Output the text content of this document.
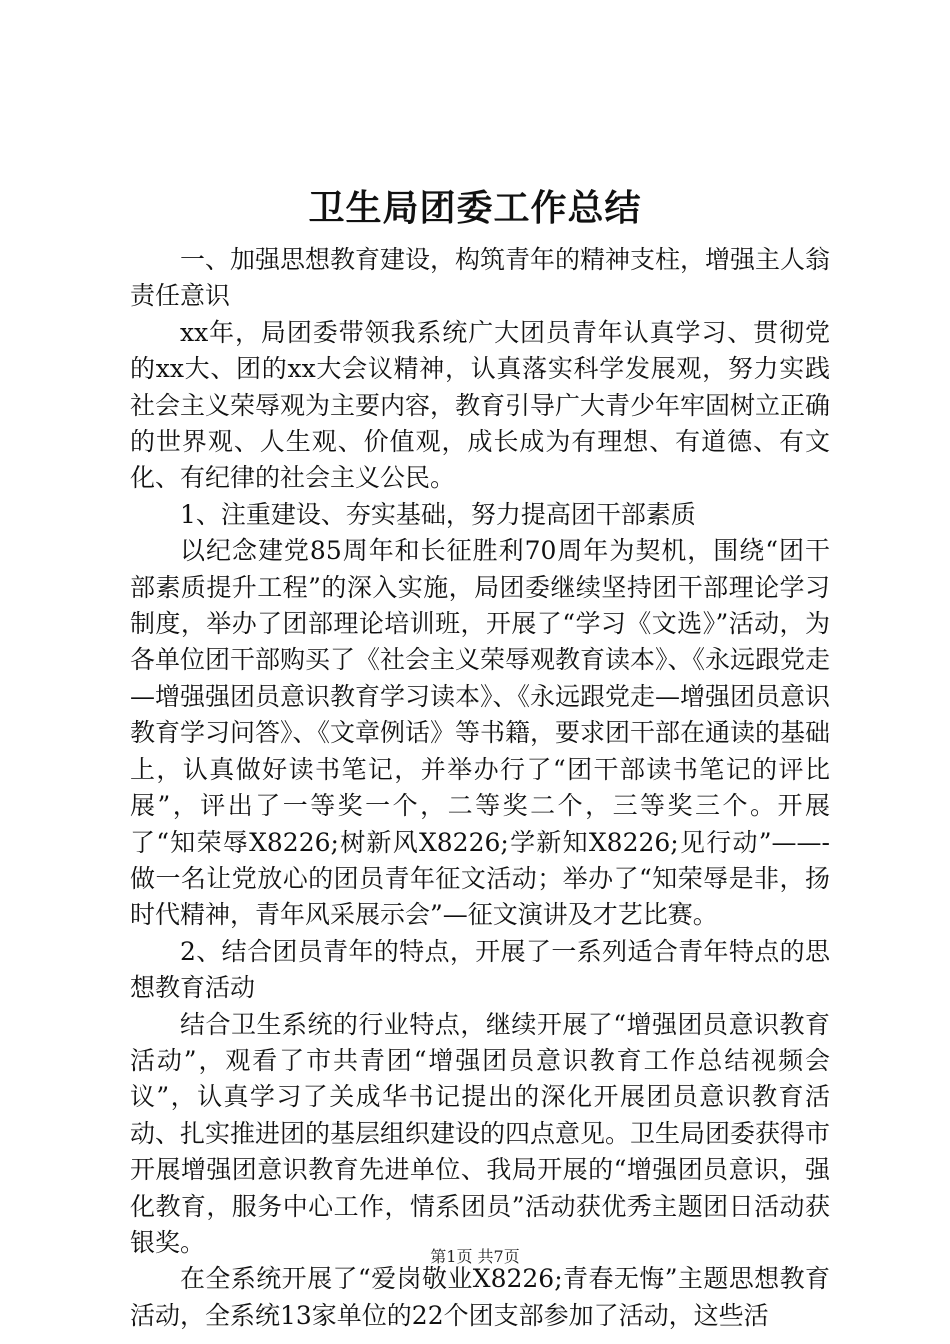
卫生局团委工作总结

一、加强思想教育建设，构筑青年的精神支柱，增强主人翁责任意识

xx年，局团委带领我系统广大团员青年认真学习、贯彻党的xx大、团的xx大会议精神，认真落实科学发展观，努力实践社会主义荣辱观为主要内容，教育引导广大青少年牢固树立正确的世界观、人生观、价值观，成长成为有理想、有道德、有文化、有纪律的社会主义公民。

1、注重建设、夯实基础，努力提高团干部素质

以纪念建党85周年和长征胜利70周年为契机，围绕“团干部素质提升工程”的深入实施，局团委继续坚持团干部理论学习制度，举办了团部理论培训班，开展了“学习《文选》”活动，为各单位团干部购买了《社会主义荣辱观教育读本》、《永远跟党走—增强强团员意识教育学习读本》、《永远跟党走—增强团员意识教育学习问答》、《文章例话》等书籍，要求团干部在通读的基础上，认真做好读书笔记，并举办行了“团干部读书笔记的评比展”，评出了一等奖一个，二等奖二个，三等奖三个。开展了“知荣辱X8226;树新风X8226;学新知X8226;见行动”——-做一名让党放心的团员青年征文活动；举办了“知荣辱是非，扬时代精神，青年风采展示会”—征文演讲及才艺比赛。

2、结合团员青年的特点，开展了一系列适合青年特点的思想教育活动

结合卫生系统的行业特点，继续开展了“增强团员意识教育活动”，观看了市共青团“增强团员意识教育工作总结视频会议”，认真学习了关成华书记提出的深化开展团员意识教育活动、扎实推进团的基层组织建设的四点意见。卫生局团委获得市开展增强团意识教育先进单位、我局开展的“增强团员意识，强化教育，服务中心工作，情系团员”活动获优秀主题团日活动获银奖。

在全系统开展了“爱岗敬业X8226;青春无悔”主题思想教育活动，全系统13家单位的22个团支部参加了活动，这些活

第1页 共7页
